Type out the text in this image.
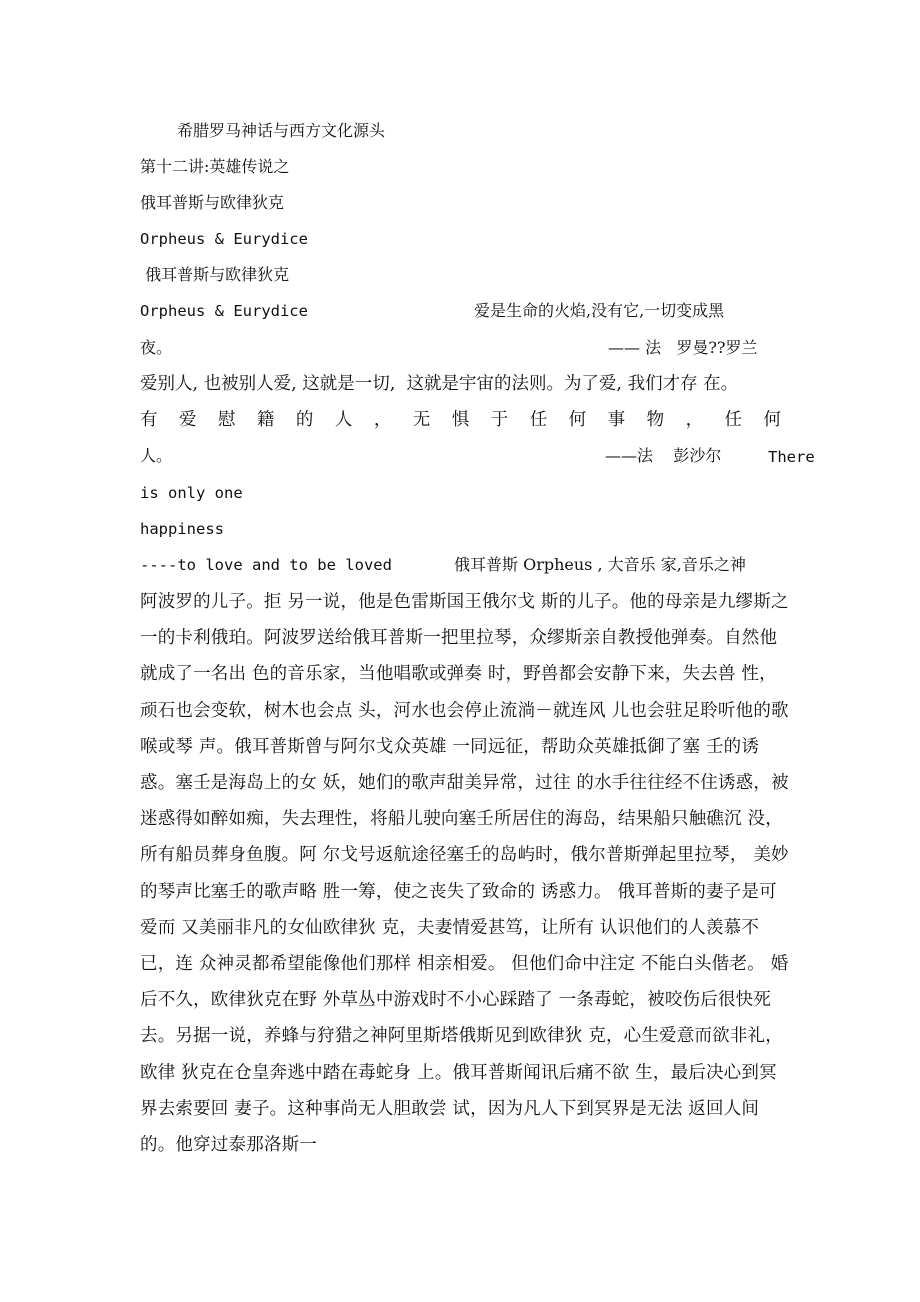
希腊罗马神话与西方文化源头
第十二讲:英雄传说之
俄耳普斯与欧律狄克
Orpheus & Eurydice
俄耳普斯与欧律狄克
Orpheus & Eurydice	爱是生命的火焰,没有它,一切变成黑
夜。	—— 法   罗曼??罗兰
爱别人, 也被别人爱, 这就是一切,  这就是宇宙的法则。为了爱, 我们才存 在。
有 爱 慰 籍 的 人 ， 无 惧 于 任 何 事 物 ， 任 何
人。	——法    彭沙尔	There
is only one
happiness
----to love and to be loved	俄耳普斯 Orpheus , 大音乐 家,音乐之神
阿波罗的儿子。拒 另一说，他是色雷斯国王俄尔戈 斯的儿子。他的母亲是九缪斯之一的卡利俄珀。阿波罗送给俄耳普斯一把里拉琴，众缪斯亲自教授他弹奏。自然他就成了一名出 色的音乐家，当他唱歌或弹奏 时，野兽都会安静下来，失去兽 性，顽石也会变软，树木也会点 头，河水也会停止流淌－就连风 儿也会驻足聆听他的歌喉或琴 声。俄耳普斯曾与阿尔戈众英雄 一同远征，帮助众英雄抵御了塞 壬的诱惑。塞壬是海岛上的女 妖，她们的歌声甜美异常，过往 的水手往往经不住诱惑，被迷惑得如醉如痴，失去理性，将船儿驶向塞壬所居住的海岛，结果船只触礁沉 没，所有船员葬身鱼腹。阿 尔戈号返航途径塞壬的岛屿时，俄尔普斯弹起里拉琴， 美妙的琴声比塞壬的歌声略 胜一筹，使之丧失了致命的 诱惑力。 俄耳普斯的妻子是可爱而 又美丽非凡的女仙欧律狄 克，夫妻情爱甚笃，让所有 认识他们的人羡慕不已，连 众神灵都希望能像他们那样 相亲相爱。 但他们命中注定 不能白头偕老。 婚后不久，欧律狄克在野 外草丛中游戏时不小心踩踏了 一条毒蛇，被咬伤后很快死 去。另据一说，养蜂与狩猎之神阿里斯塔俄斯见到欧律狄 克，心生爱意而欲非礼，欧律 狄克在仓皇奔逃中踏在毒蛇身 上。俄耳普斯闻讯后痛不欲 生，最后决心到冥界去索要回 妻子。这种事尚无人胆敢尝 试，因为凡人下到冥界是无法 返回人间的。他穿过泰那洛斯一
